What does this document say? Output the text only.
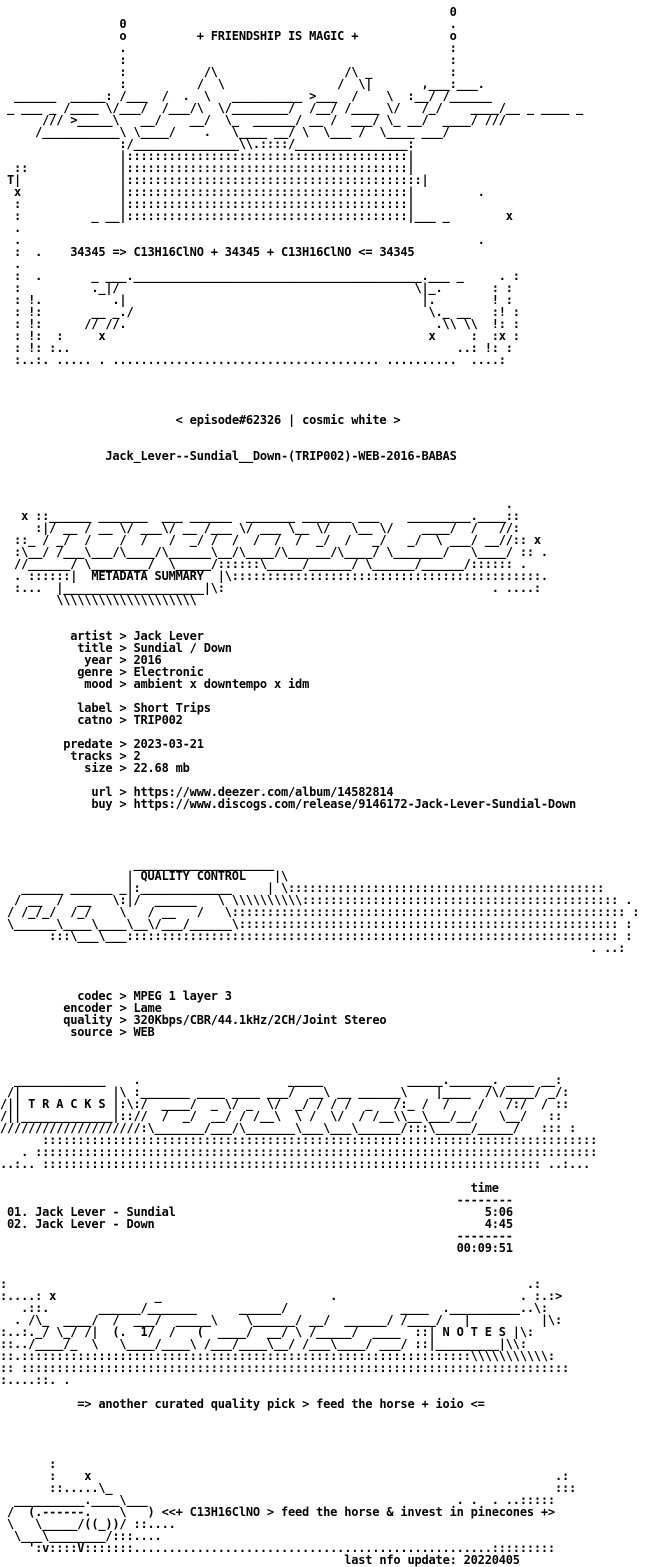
0
0                                              .
o          + FRIENDSHIP IS MAGIC +             o
.                                              :
:                                              :
:           /\                  /\ _           :
:          /  \                /  \|       ,___:___.
______  _____: /___  /  .  \   __________ >___  /    \  :__/ /______
_ ___ _ /____ \/___/  /___/\  \/________/  /__/ /____ \/   /_/    ____/__ _ ____ _
/// >_____\   __/    __/  \_  ______/ __ /  ___/ \_ __/  ____/ ///
/___________\ \____/    .   \____ __/ \  \___ /  \____ ___/
:/_______________\\.::::/________________:
|::::::::::::::::::::::::::::::::::::::::|
::             |::::::::::::::::::::::::::::::::::::::::|
T|              |::::::::::::::::::::::::::::::::::::::::::|
x              |::::::::::::::::::::::::::::::::::::::::|         .
:              |::::::::::::::::::::::::::::::::::::::::|
:          _ __|::::::::::::::::::::::::::::::::::::::::|___ _        x
.
.                                                                 .
:  .    34345 => C13H16ClNO + 34345 + C13H16ClNO <= 34345
.
:  .       _ ___._________________________________________.___ _     . :
:          ._|/                                          \|_.       : :
: !.          .|                                          |.        ! :
: !:       __ _./                                          \._ __   :! :
: !:      // //.                                            .\\ \\  !: :
: !:  :     x                                              x     :  :x :
: !: :..                                                       ..: !: :
:..:. ..... . ...................................... ..........  ....:

< episode#62326 | cosmic white >

Jack_Lever--Sundial__Down-(TRIP002)-WEB-2016-BABAS

.
x ::______ _______  ___ ______  _______ _______ ___    _________.____::
:|/ __ / __ \/ ___\/ __ /___ \/ ___ \__ \/   \__ \/    ____/  /   //:
::_ / _/  /    /  /   /  _/ /  /  /  /  /  _/  /   _/   _/  \ ___/ __//:: x
:\__/ /___\___/\____/\______\__/\____/\______/\____/ \_______/   \____/ :: .
//______/ \________/  \_____/::::::\_____/______/ \______/______/:::::: .
. ::::::|  METADATA SUMMARY  |\::::::::::::::::::::::::::::::::::::::::::::.
:...  |____________________|\:                                      . ....:
\\\\\\\\\\\\\\\\\\\\

artist > Jack Lever
title > Sundial / Down
year > 2016
genre > Electronic
mood > ambient x downtempo x idm

label > Short Trips
catno > TRIP002

predate > 2023-03-21
tracks > 2
size > 22.68 mb

url > https://www.deezer.com/album/14582814
buy > https://www.discogs.com/release/9146172-Jack-Lever-Sundial-Down

____________________
| QUALITY CONTROL    |\
______ ______ _|:_____________     | \:::::::::::::::::::::::::::::::::::::::::::::
/ __  /  __   \:|/  ______   \ \\\\\\\\\\::::::::::::::::::::::::::::::::::::::::::::: .
/ /_/_/  /_/    \   / __   /   \:::::::::::::::::::::::::::::::::::::::::::::::::::::::: :
\______\____\____\__\/___/______\:::::::::::::::::::::::::::::::::::::::::::::::::::::: :
:::\___\___:::::::::::::::::::::::::::::::::::::::::::::::::::::::::::::::::::::: :
. ..:

codec > MPEG 1 layer 3
encoder > Lame
quality > 320Kbps/CBR/44.1kHz/2CH/Joint Stereo
source > WEB

_____________    .                     _____            _____.______. ____ __:
/|             |\ :_______ ____ ____ ___/  __\ __ ______\    |____  /\/____/ _/:
/|| T R A C K S |:\:/  ____/  _ \/ _  \/  _/ / / /  _   /:_ /  /    /   /:/  / ::
/||_____________|:://  /  _/  __/ / /__\  \ /  \/  / /__\\__\___/__/   \__/   ::
////////////////////:\_______/___/\_______\___\___\______/:::\_____/_____/   ::: :
:::::::::::::::::::::::::::::::::::::::::::::::::::::::::::::::::::::::::::::::
. ::::::::::::::::::::::::::::::::::::::::::::::::::::::::::::::::::::::::::::::::
..:.. ::::::::::::::::::::::::::::::::::::::::::::::::::::::::::::::::::::::: ..:...

time
--------
01. Jack Lever - Sundial	5:06
02. Jack Lever - Down	4:45
--------
00:09:51

:                                                                          .:
:....: x              _                        .                          . :.:>
.::.       ______/_______      ______/                ____  .__________..\:
. /\_  ____/  /  ___/  _____\    \______/ __/  ______/ /____/   |          |\:
:..:._/ \_/ /|  (.  1/  /   (  ____/  __/ \ /_____/  ____  ::| N O T E S |\:
::../____/_  \   \____/____\ /___/____\__/ /___\____/ ___/ ::|_________|\\:
::.::::::::::::::::::::::::::::::::::::::::::::::::::::::::::::::::\\\\\\\\\\\:
:: ::::::::::::::::::::::::::::::::::::::::::::::::::::::::::::::::::::::::::::::
:....::. .

=> another curated quality pick > feed the horse + ioio <=

:
:    x                                                                  .:
::.....\_                                                               :::
__________.____\___                                            . .  . ..:::::
/  (.------.    \   ) <<+ C13H16ClNO > feed the horse & invest in pinecones +>
\   \_____/((_))/ ::....
\___\________/:::....
':v::::V:::::::...................................................:::::::::
last nfo update: 20220405
